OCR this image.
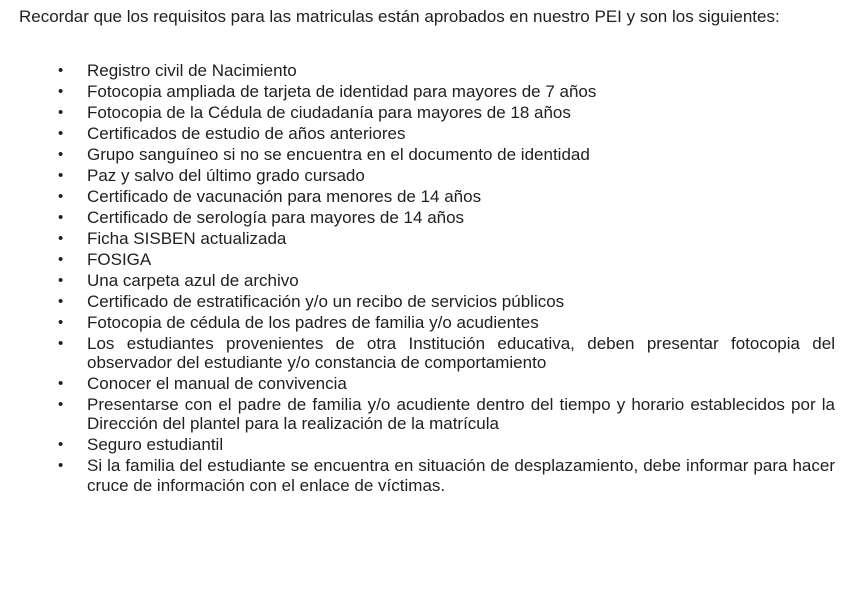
Recordar que los requisitos para las matriculas están aprobados en nuestro PEI y son los siguientes:

• Registro civil de Nacimiento
• Fotocopia ampliada de tarjeta de identidad para mayores de 7 años
• Fotocopia de la Cédula de ciudadanía para mayores de 18 años
• Certificados de estudio de años anteriores
• Grupo sanguíneo si no se encuentra en el documento de identidad
• Paz y salvo del último grado cursado
• Certificado de vacunación para menores de 14 años
• Certificado de serología para mayores de 14 años
• Ficha SISBEN actualizada
• FOSIGA
• Una carpeta azul de archivo
• Certificado de estratificación y/o un recibo de servicios públicos
• Fotocopia de cédula de los padres de familia y/o acudientes
• Los estudiantes provenientes de otra Institución educativa, deben presentar fotocopia del observador del estudiante y/o constancia de comportamiento
• Conocer el manual de convivencia
• Presentarse con el padre de familia y/o acudiente dentro del tiempo y horario establecidos por la Dirección del plantel para la realización de la matrícula
• Seguro estudiantil
• Si la familia del estudiante se encuentra en situación de desplazamiento, debe informar para hacer cruce de información con el enlace de víctimas.
